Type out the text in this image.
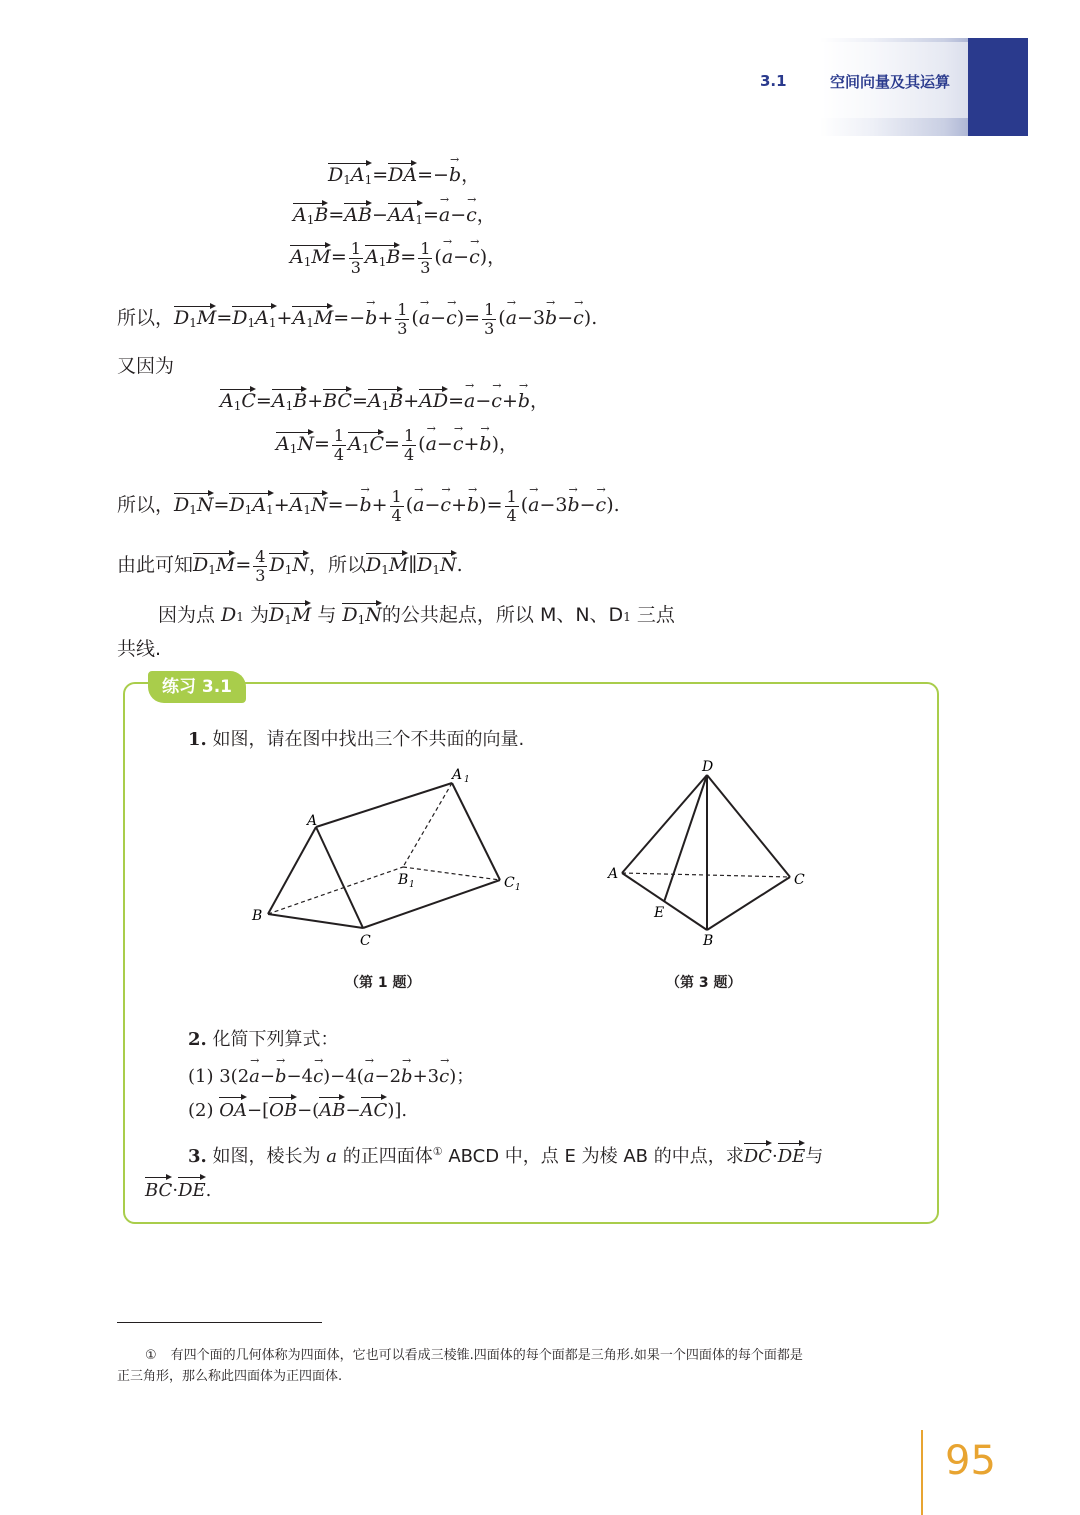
3.1	空间向量及其运算
$D_1A_1=DA=-b$ →，
$A_1B=AB-AA_1=a \to-c$ →，
$A_1M= \frac{1}{3} A_1B= \frac{1}{3} (a \to-c$ →)，
所以，$D_1M=D_1A_1+A_1M=-b \to+ \frac{1}{3} (a \to-c$ →)= $\frac{1}{3} (a \to-3b \to-c$ →).
又因为
$A_1C=A_1B+BC=A_1B+AD=a \to-c \to+b$ →，
$A_1N= \frac{1}{4} A_1C= \frac{1}{4} (a \to-c \to+b$ →)，
所以，$D_1N=D_1A_1+A_1N=-b \to+ \frac{1}{4} (a \to-c \to+b$ →)= $\frac{1}{4} (a \to-3b \to-c$ →).
由此可知$D_1M= \frac{4}{3} D_1N$，所以$D_1M\parallel D_1N$.
因为点 D1 为$D_1M$ 与 $D_1N$的公共起点，所以 M、N、D1 三点
共线.
练习 3.1
1. 如图，请在图中找出三个不共面的向量.
A
A 1
B
B 1
C
C 1
D
A	C
B
E
（第 1 题）	（第 3 题）
2. 化简下列算式：
(1) 3(2a →−b →−4c →)−4(a →−2b →+3c →)；
(2) OA−[OB−(AB−AC)].
3. 如图，棱长为 a 的正四面体① ABCD 中，点 E 为棱 AB 的中点，求DC·DE与
BC·DE.
① 有四个面的几何体称为四面体，它也可以看成三棱锥.四面体的每个面都是三角形.如果一个四面体的每个面都是
正三角形，那么称此四面体为正四面体.
95
